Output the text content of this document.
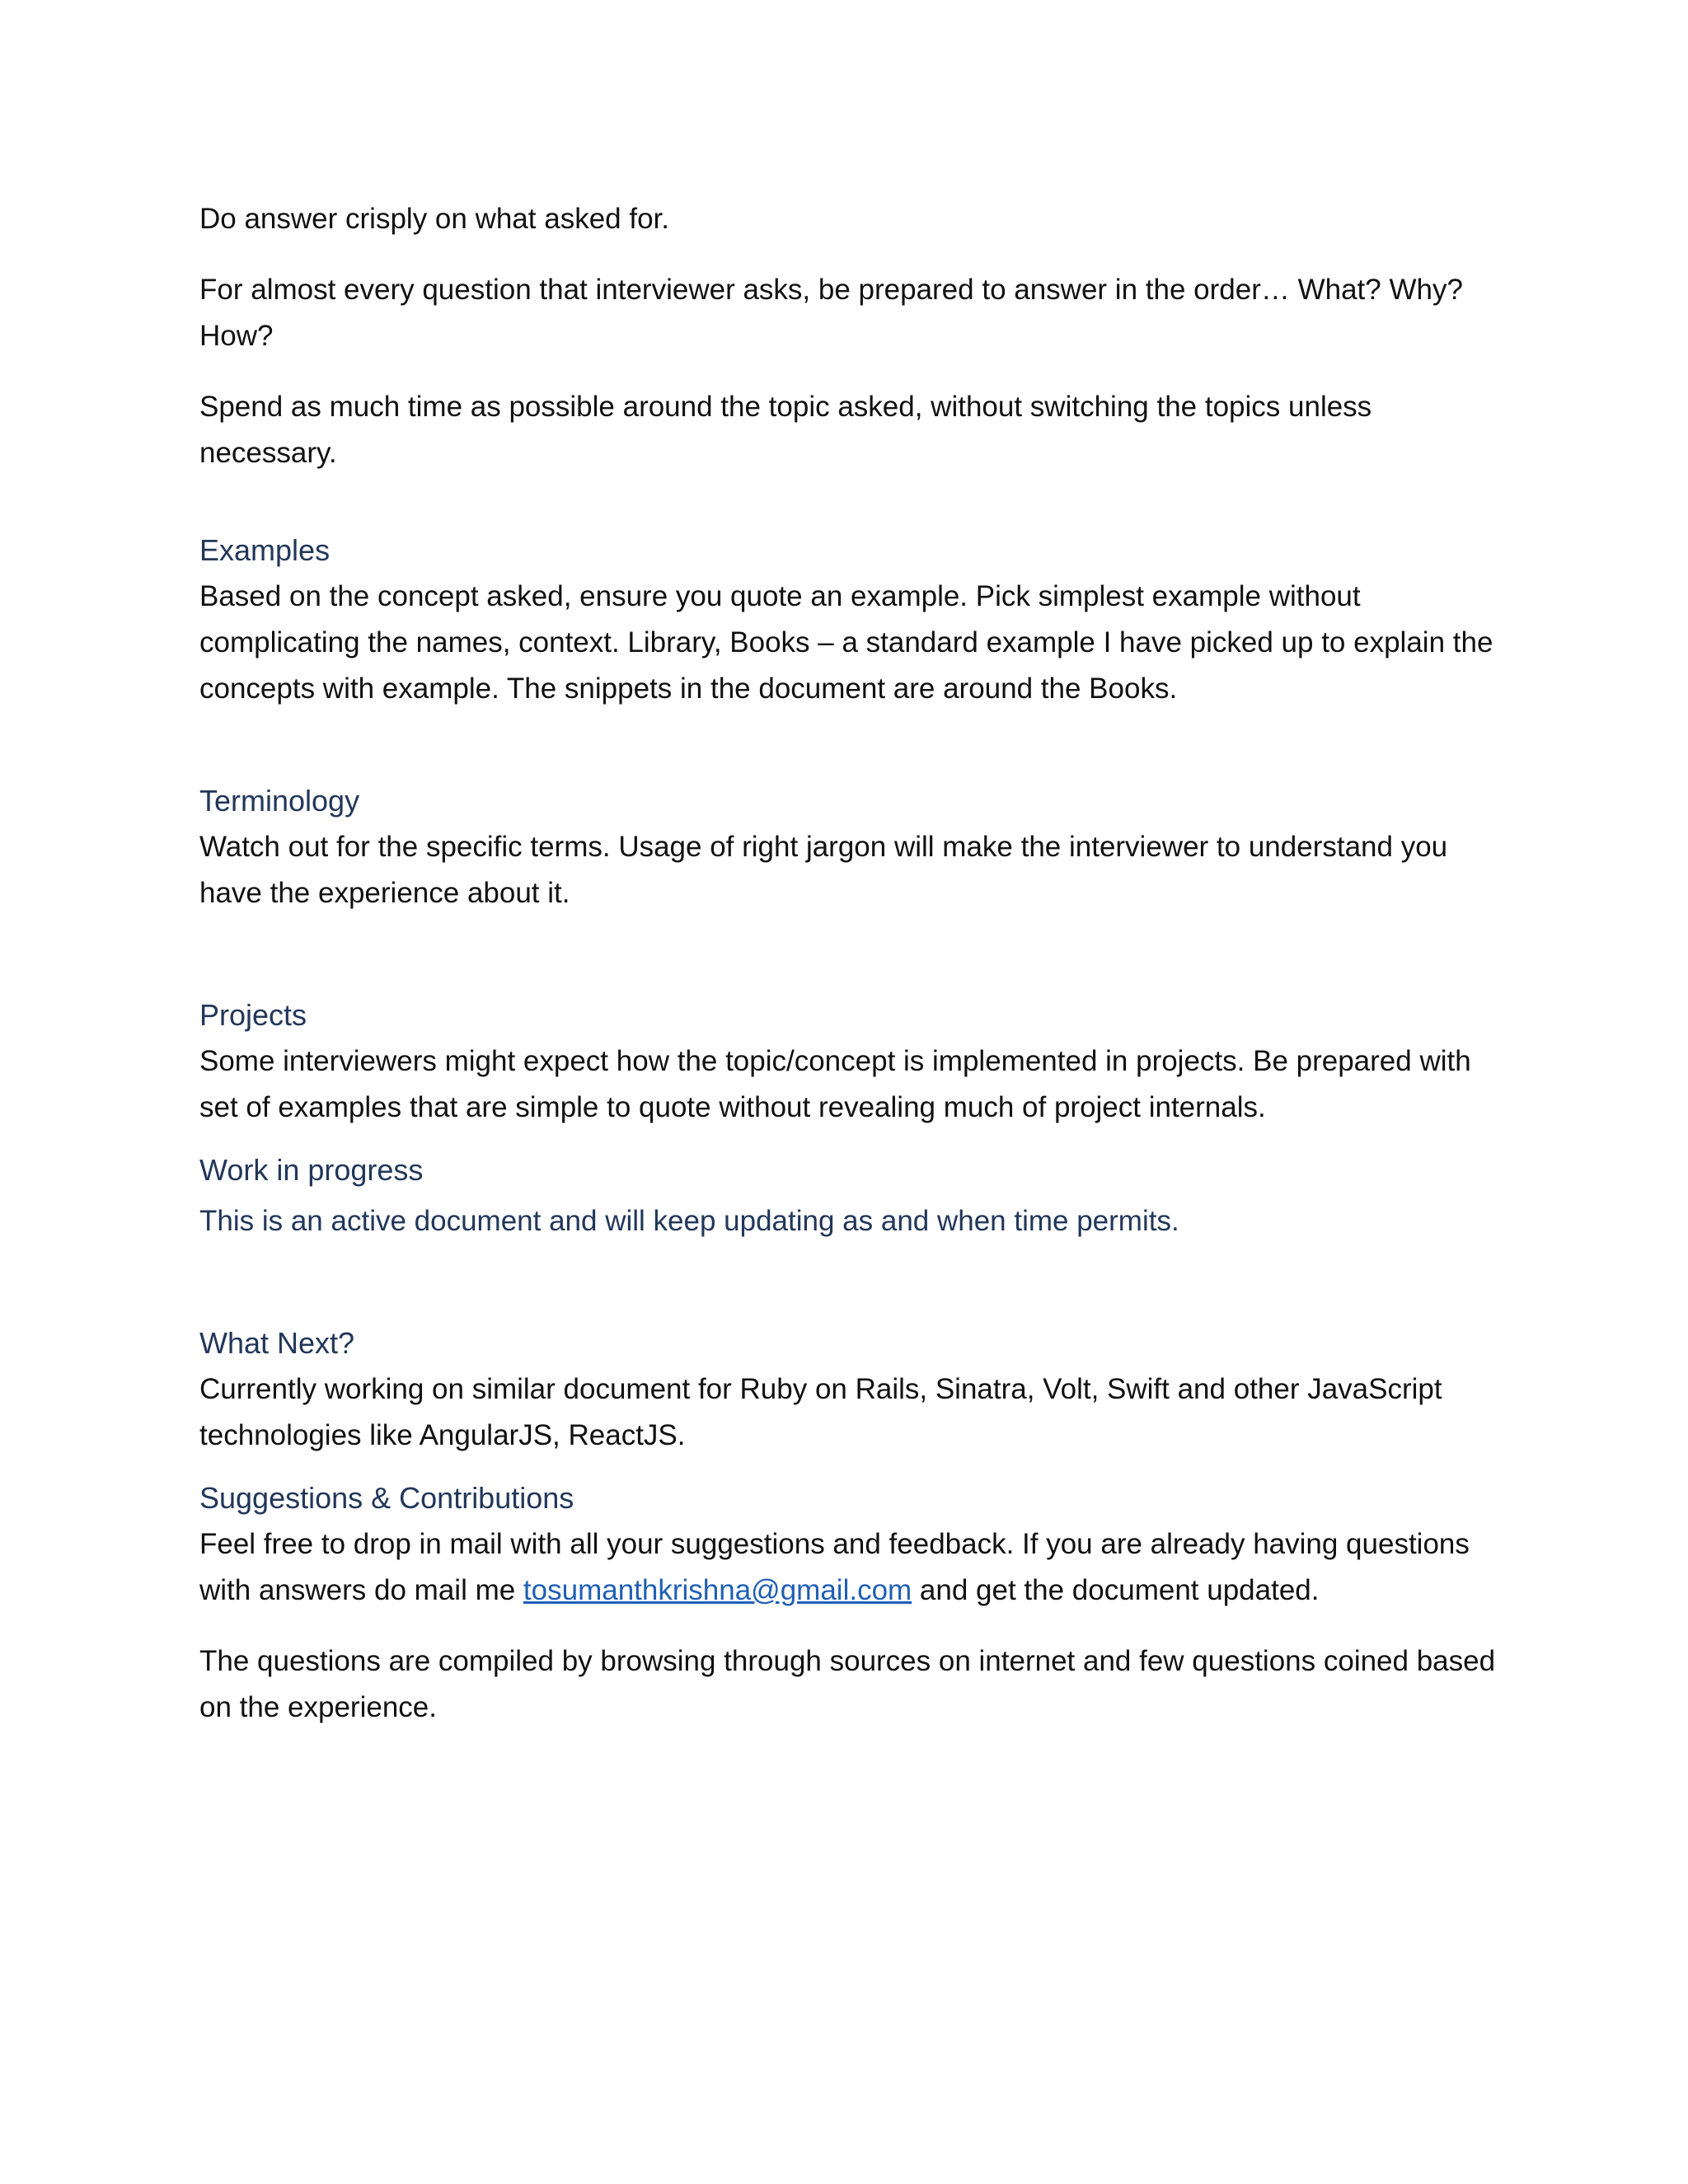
Do answer crisply on what asked for.

For almost every question that interviewer asks, be prepared to answer in the order… What? Why? How?

Spend as much time as possible around the topic asked, without switching the topics unless necessary.

Examples

Based on the concept asked, ensure you quote an example. Pick simplest example without complicating the names, context. Library, Books – a standard example I have picked up to explain the concepts with example. The snippets in the document are around the Books.

Terminology

Watch out for the specific terms. Usage of right jargon will make the interviewer to understand you have the experience about it.

Projects

Some interviewers might expect how the topic/concept is implemented in projects. Be prepared with set of examples that are simple to quote without revealing much of project internals.

Work in progress

This is an active document and will keep updating as and when time permits.

What Next?

Currently working on similar document for Ruby on Rails, Sinatra, Volt, Swift and other JavaScript technologies like AngularJS, ReactJS.

Suggestions & Contributions

Feel free to drop in mail with all your suggestions and feedback. If you are already having questions with answers do mail me tosumanthkrishna@gmail.com and get the document updated.

The questions are compiled by browsing through sources on internet and few questions coined based on the experience.
